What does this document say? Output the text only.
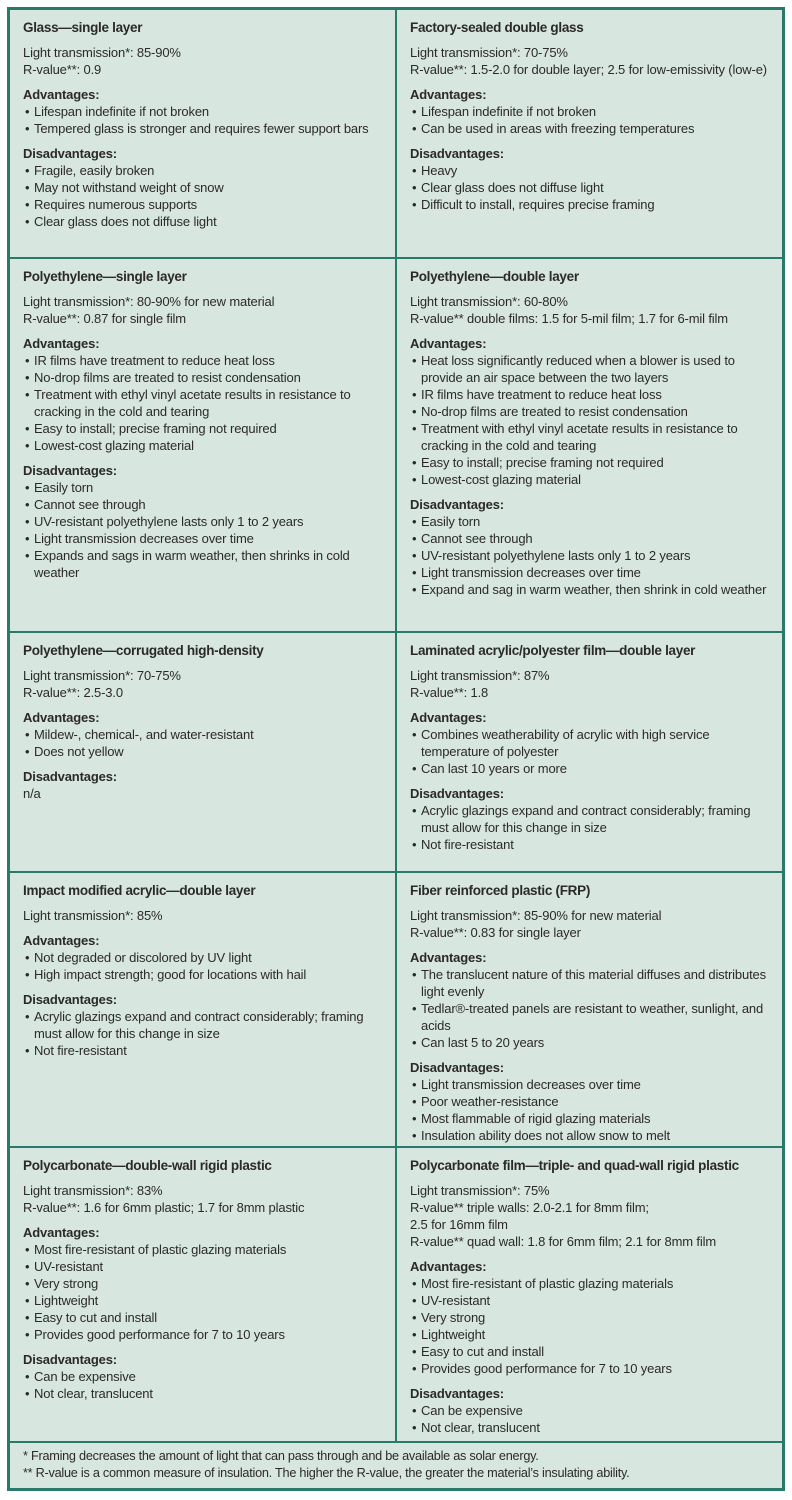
Glass—single layer
Light transmission*: 85-90%
R-value**: 0.9
Advantages:
• Lifespan indefinite if not broken
• Tempered glass is stronger and requires fewer support bars
Disadvantages:
• Fragile, easily broken
• May not withstand weight of snow
• Requires numerous supports
• Clear glass does not diffuse light
Factory-sealed double glass
Light transmission*: 70-75%
R-value**: 1.5-2.0 for double layer; 2.5 for low-emissivity (low-e)
Advantages:
• Lifespan indefinite if not broken
• Can be used in areas with freezing temperatures
Disadvantages:
• Heavy
• Clear glass does not diffuse light
• Difficult to install, requires precise framing
Polyethylene—single layer
Light transmission*: 80-90% for new material
R-value**: 0.87 for single film
Advantages:
• IR films have treatment to reduce heat loss
• No-drop films are treated to resist condensation
• Treatment with ethyl vinyl acetate results in resistance to cracking in the cold and tearing
• Easy to install; precise framing not required
• Lowest-cost glazing material
Disadvantages:
• Easily torn
• Cannot see through
• UV-resistant polyethylene lasts only 1 to 2 years
• Light transmission decreases over time
• Expands and sags in warm weather, then shrinks in cold weather
Polyethylene—double layer
Light transmission*: 60-80%
R-value** double films: 1.5 for 5-mil film; 1.7 for 6-mil film
Advantages:
• Heat loss significantly reduced when a blower is used to provide an air space between the two layers
• IR films have treatment to reduce heat loss
• No-drop films are treated to resist condensation
• Treatment with ethyl vinyl acetate results in resistance to cracking in the cold and tearing
• Easy to install; precise framing not required
• Lowest-cost glazing material
Disadvantages:
• Easily torn
• Cannot see through
• UV-resistant polyethylene lasts only 1 to 2 years
• Light transmission decreases over time
• Expand and sag in warm weather, then shrink in cold weather
Polyethylene—corrugated high-density
Light transmission*: 70-75%
R-value**: 2.5-3.0
Advantages:
• Mildew-, chemical-, and water-resistant
• Does not yellow
Disadvantages:
n/a
Laminated acrylic/polyester film—double layer
Light transmission*: 87%
R-value**: 1.8
Advantages:
• Combines weatherability of acrylic with high service temperature of polyester
• Can last 10 years or more
Disadvantages:
• Acrylic glazings expand and contract considerably; framing must allow for this change in size
• Not fire-resistant
Impact modified acrylic—double layer
Light transmission*: 85%
Advantages:
• Not degraded or discolored by UV light
• High impact strength; good for locations with hail
Disadvantages:
• Acrylic glazings expand and contract considerably; framing must allow for this change in size
• Not fire-resistant
Fiber reinforced plastic (FRP)
Light transmission*: 85-90% for new material
R-value**: 0.83 for single layer
Advantages:
• The translucent nature of this material diffuses and distributes light evenly
• Tedlar®-treated panels are resistant to weather, sunlight, and acids
• Can last 5 to 20 years
Disadvantages:
• Light transmission decreases over time
• Poor weather-resistance
• Most flammable of rigid glazing materials
• Insulation ability does not allow snow to melt
Polycarbonate—double-wall rigid plastic
Light transmission*: 83%
R-value**: 1.6 for 6mm plastic; 1.7 for 8mm plastic
Advantages:
• Most fire-resistant of plastic glazing materials
• UV-resistant
• Very strong
• Lightweight
• Easy to cut and install
• Provides good performance for 7 to 10 years
Disadvantages:
• Can be expensive
• Not clear, translucent
Polycarbonate film—triple- and quad-wall rigid plastic
Light transmission*: 75%
R-value** triple walls: 2.0-2.1 for 8mm film;
2.5 for 16mm film
R-value** quad wall: 1.8 for 6mm film; 2.1 for 8mm film
Advantages:
• Most fire-resistant of plastic glazing materials
• UV-resistant
• Very strong
• Lightweight
• Easy to cut and install
• Provides good performance for 7 to 10 years
Disadvantages:
• Can be expensive
• Not clear, translucent
* Framing decreases the amount of light that can pass through and be available as solar energy.
** R-value is a common measure of insulation. The higher the R-value, the greater the material’s insulating ability.
